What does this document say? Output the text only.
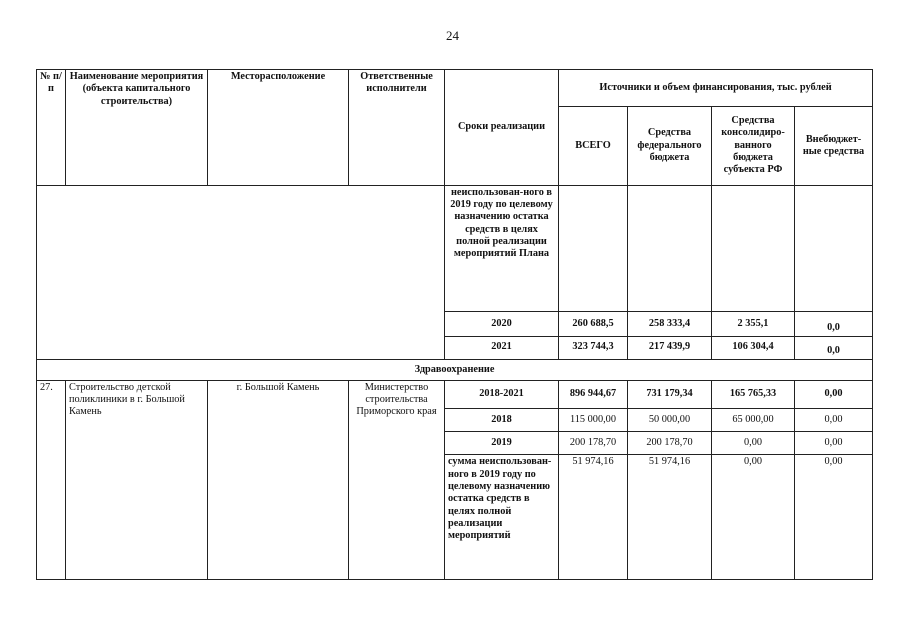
24
№ п/п	Наименование мероприятия (объекта капитального строительства)	Месторасположение	Ответственные исполнители	Сроки реализации	Источники и объем финансирования, тыс. рублей			
					ВСЕГО	Средства федерального бюджета	Средства консолидиро-ванного бюджета субъекта РФ	Внебюджет-ные средства
				неиспользован-ного в 2019 году по целевому назначению остатка средств в целях полной реализации мероприятий Плана				
				2020	260 688,5	258 333,4	2 355,1	0,0
				2021	323 744,3	217 439,9	106 304,4	0,0
Здравоохранение								
27.	Строительство детской поликлиники в г. Большой Камень	г. Большой Камень	Министерство строительства Приморского края	2018-2021	896 944,67	731 179,34	165 765,33	0,00
				2018	115 000,00	50 000,00	65 000,00	0,00
				2019	200 178,70	200 178,70	0,00	0,00
				сумма неиспользован-ного в 2019 году по целевому назначению остатка средств в целях полной реализации мероприятий	51 974,16	51 974,16	0,00	0,00
